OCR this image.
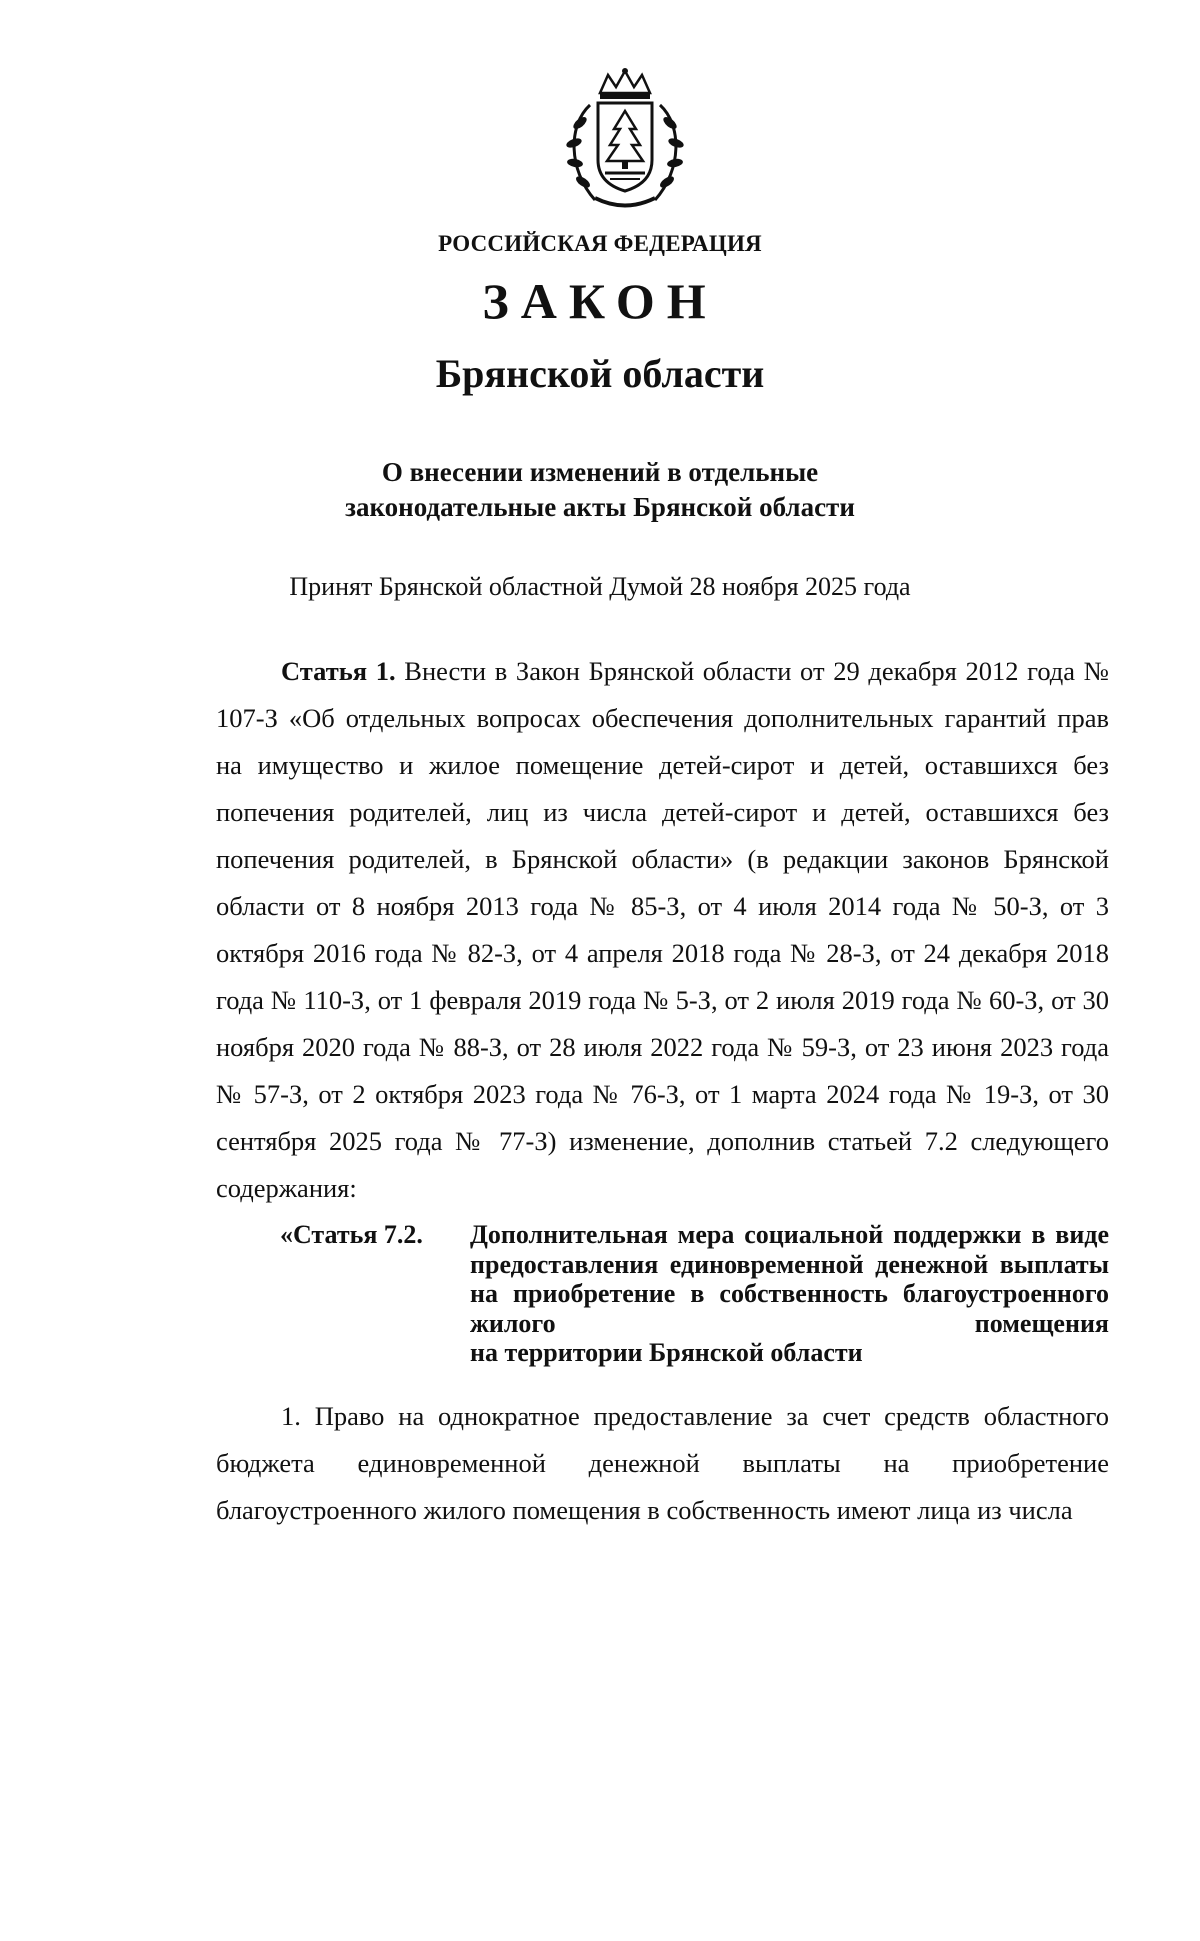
РОССИЙСКАЯ ФЕДЕРАЦИЯ
ЗАКОН
Брянской области
О внесении изменений в отдельные
законодательные акты Брянской области
Принят Брянской областной Думой 28 ноября 2025 года

Статья 1. Внести в Закон Брянской области от 29 декабря 2012 года № 107-З «Об отдельных вопросах обеспечения дополнительных гарантий прав на имущество и жилое помещение детей-сирот и детей, оставшихся без попечения родителей, лиц из числа детей-сирот и детей, оставшихся без попечения родителей, в Брянской области» (в редакции законов Брянской области от 8 ноября 2013 года № 85-З, от 4 июля 2014 года № 50-З, от 3 октября 2016 года № 82-З, от 4 апреля 2018 года № 28-З, от 24 декабря 2018 года № 110-З, от 1 февраля 2019 года № 5-З, от 2 июля 2019 года № 60-З, от 30 ноября 2020 года № 88-З, от 28 июля 2022 года № 59-З, от 23 июня 2023 года № 57-З, от 2 октября 2023 года № 76-З, от 1 марта 2024 года № 19-З, от 30 сентября 2025 года № 77-З) изменение, дополнив статьей 7.2 следующего содержания:

«Статья 7.2. Дополнительная мера социальной поддержки в виде предоставления единовременной денежной выплаты на приобретение в собственность благоустроенного жилого помещения
на территории Брянской области

1. Право на однократное предоставление за счет средств областного бюджета единовременной денежной выплаты на приобретение благоустроенного жилого помещения в собственность имеют лица из числа
